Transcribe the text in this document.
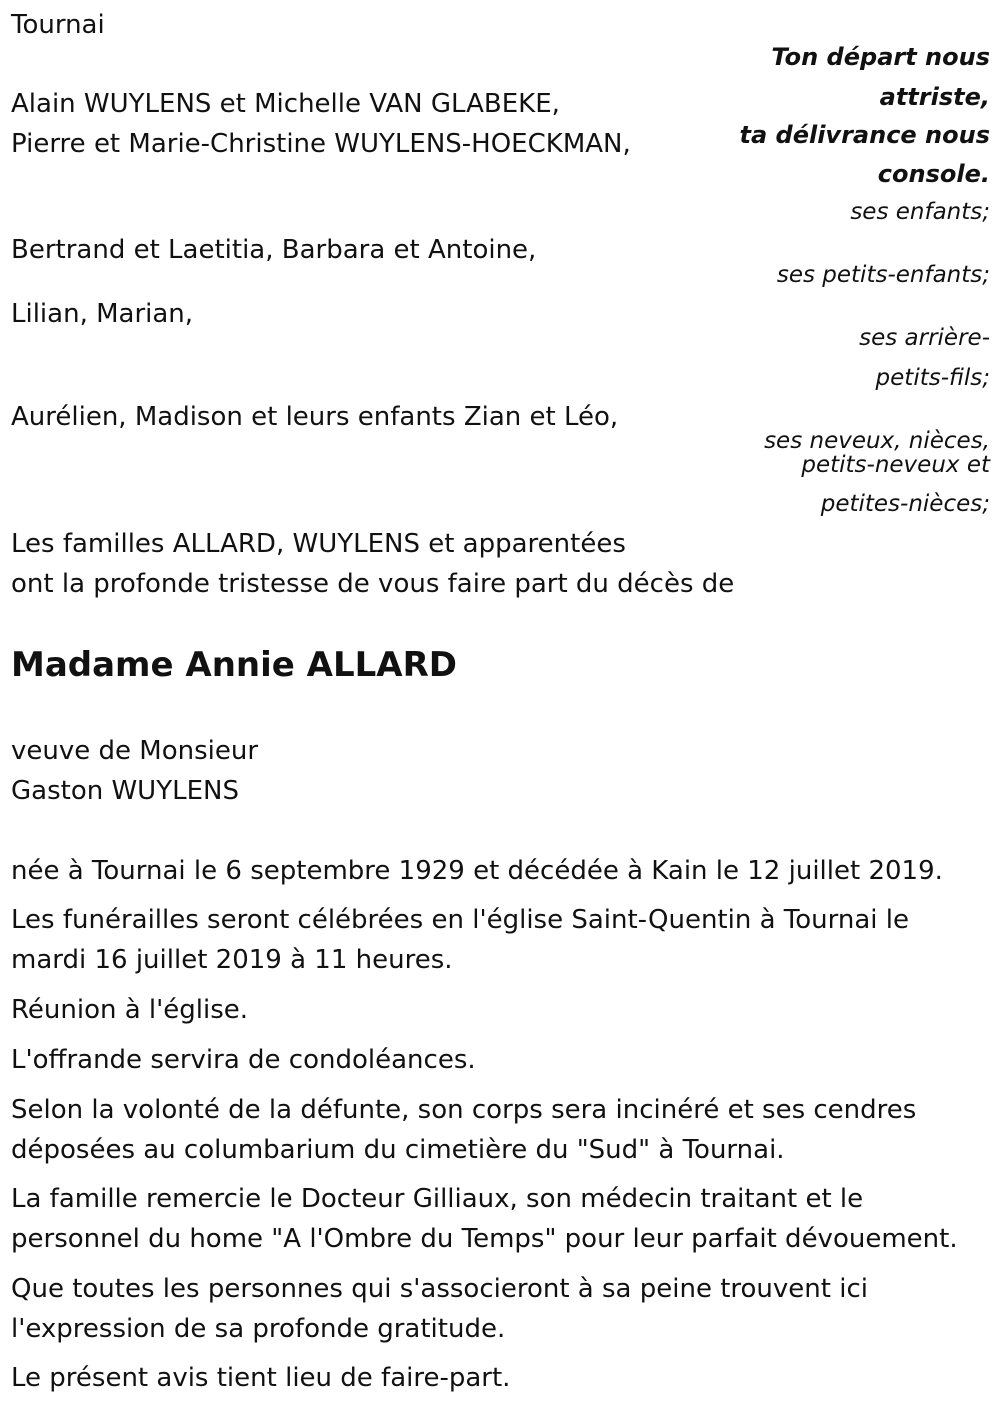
Tournai
Ton départ nous
attriste,
ta délivrance nous
console.
Alain WUYLENS et Michelle VAN GLABEKE,
Pierre et Marie-Christine WUYLENS-HOECKMAN,
ses enfants;
Bertrand et Laetitia, Barbara et Antoine,
ses petits-enfants;
Lilian, Marian,
ses arrière-
petits-fils;
Aurélien, Madison et leurs enfants Zian et Léo,
ses neveux, nièces,
petits-neveux et
petites-nièces;
Les familles ALLARD, WUYLENS et apparentées
ont la profonde tristesse de vous faire part du décès de
Madame Annie ALLARD
veuve de Monsieur
Gaston WUYLENS
née à Tournai le 6 septembre 1929 et décédée à Kain le 12 juillet 2019.
Les funérailles seront célébrées en l'église Saint-Quentin à Tournai le
mardi 16 juillet 2019 à 11 heures.
Réunion à l'église.
L'offrande servira de condoléances.
Selon la volonté de la défunte, son corps sera incinéré et ses cendres
déposées au columbarium du cimetière du "Sud" à Tournai.
La famille remercie le Docteur Gilliaux, son médecin traitant et le
personnel du home "A l'Ombre du Temps" pour leur parfait dévouement.
Que toutes les personnes qui s'associeront à sa peine trouvent ici
l'expression de sa profonde gratitude.
Le présent avis tient lieu de faire-part.
